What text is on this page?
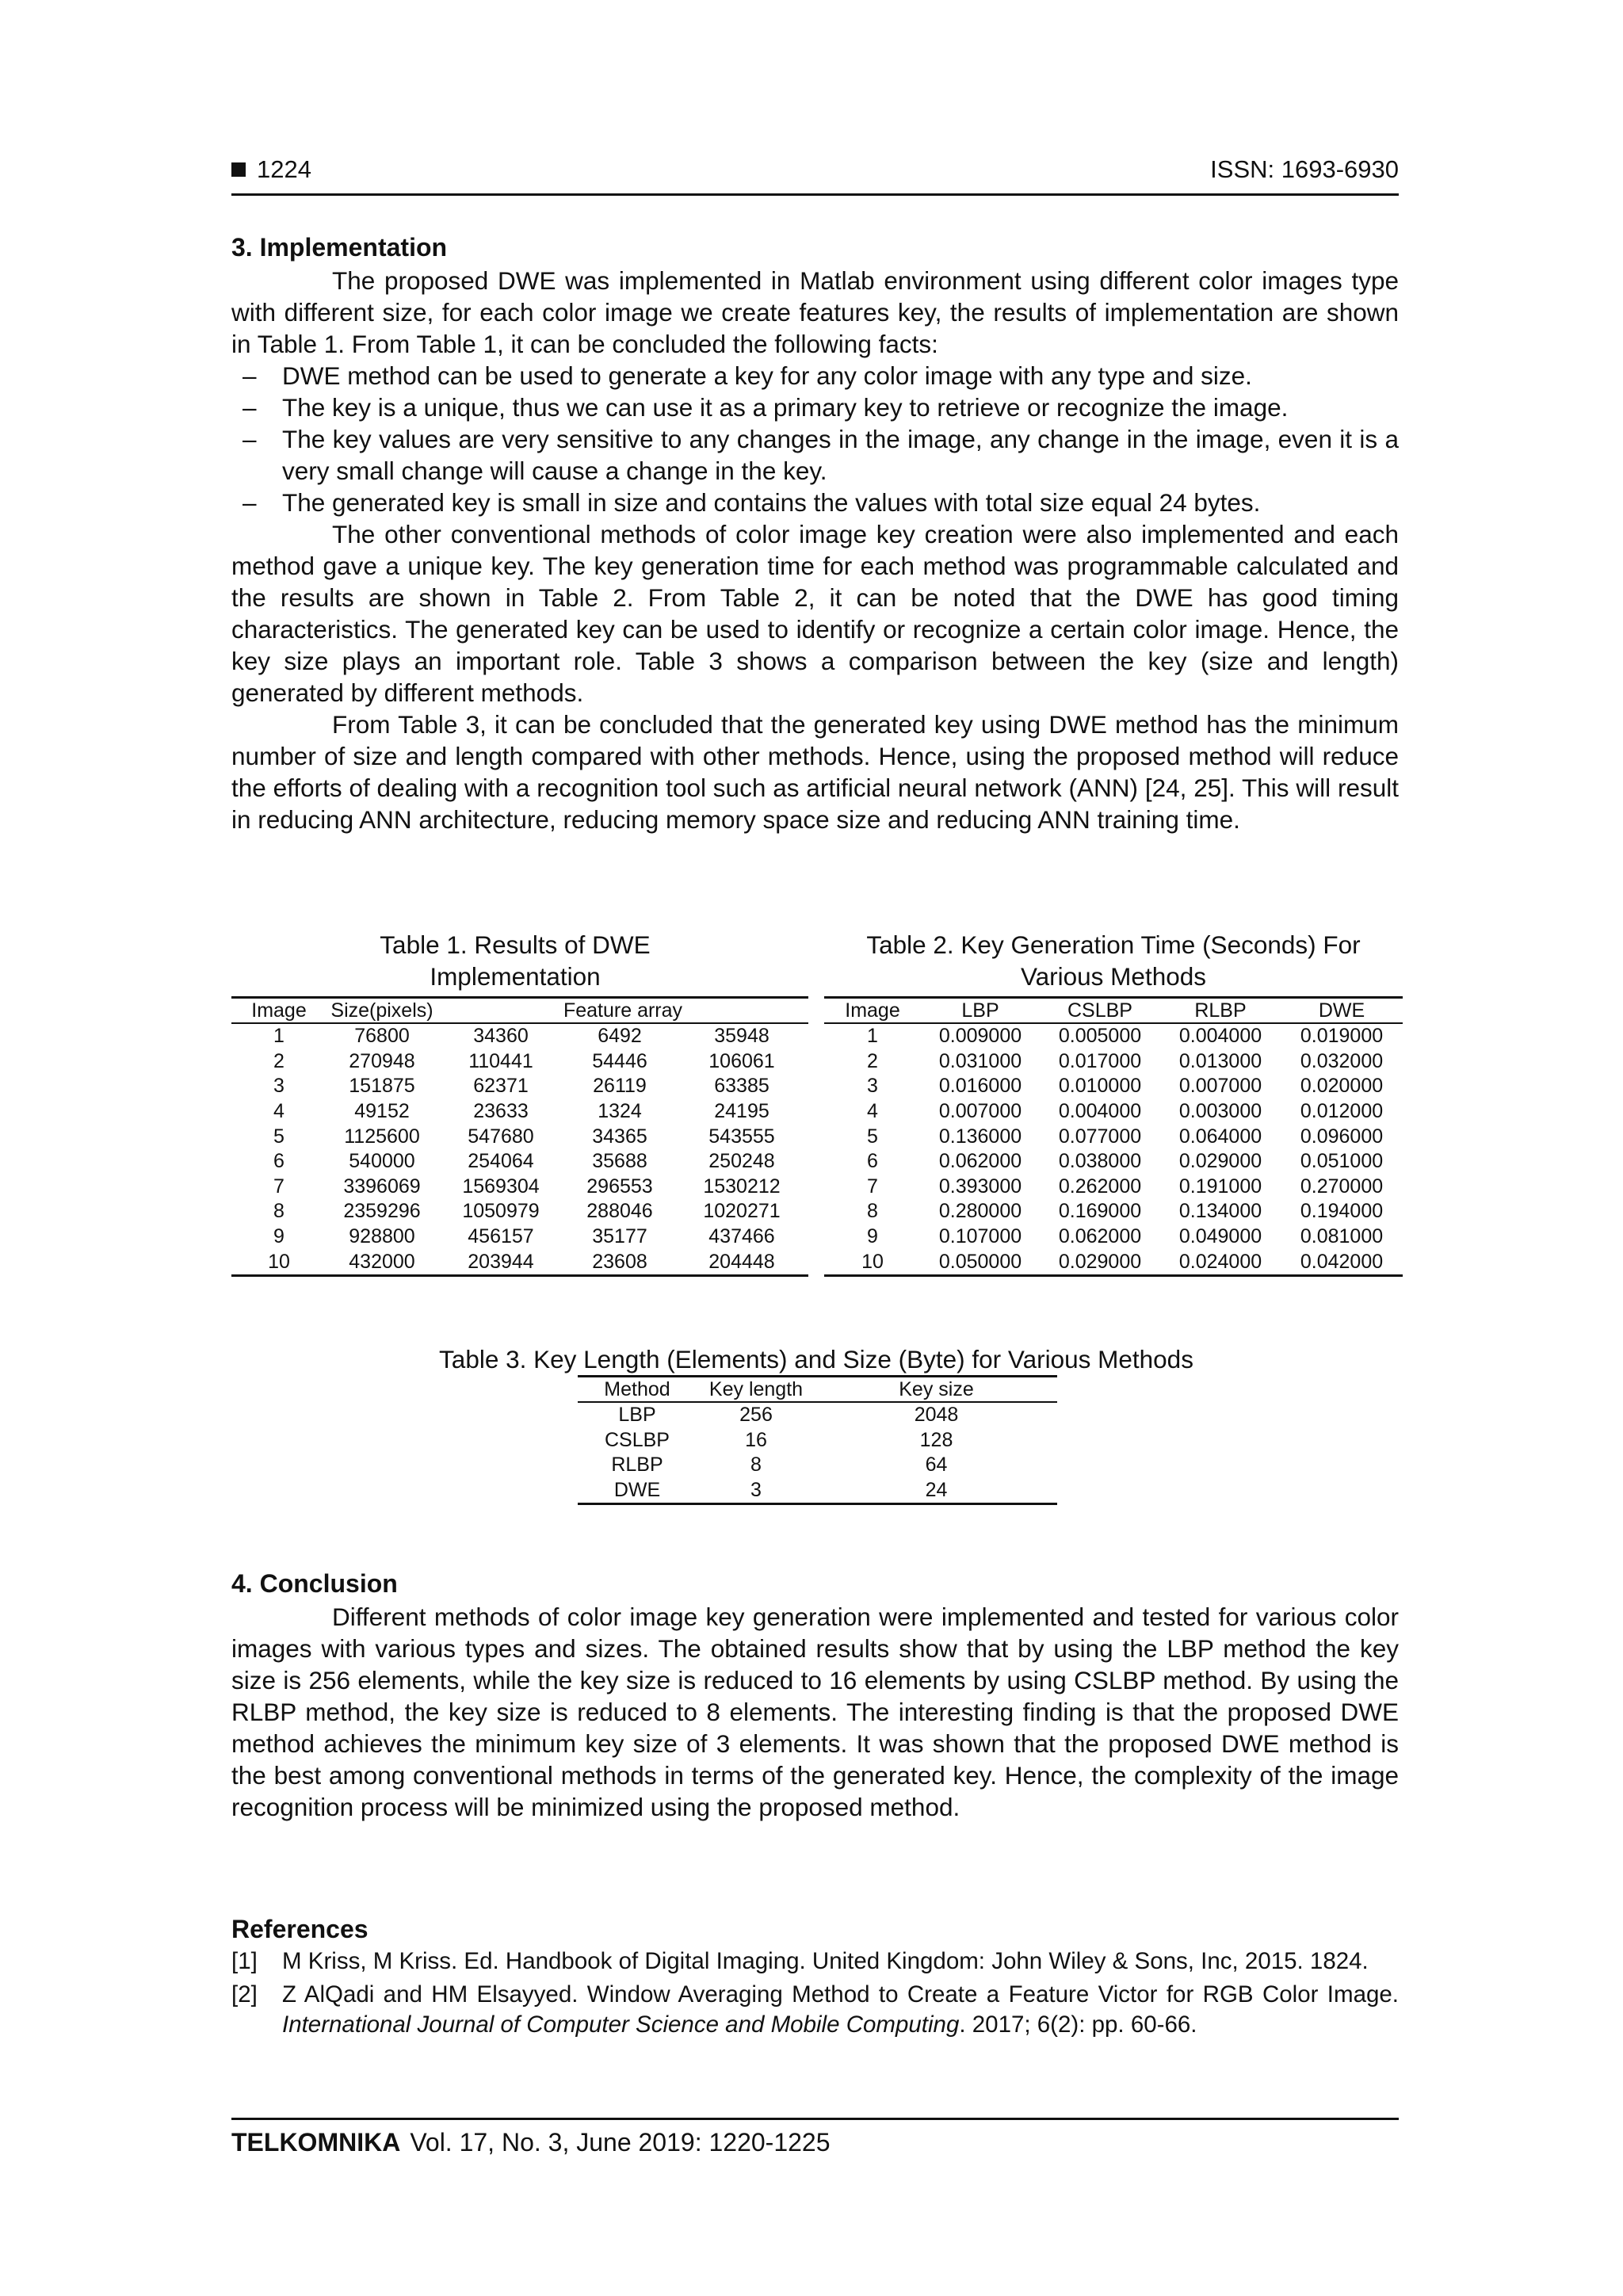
1224	ISSN: 1693-6930
3. Implementation

The proposed DWE was implemented in Matlab environment using different color images type with different size, for each color image we create features key, the results of implementation are shown in Table 1. From Table 1, it can be concluded the following facts:

– DWE method can be used to generate a key for any color image with any type and size.
– The key is a unique, thus we can use it as a primary key to retrieve or recognize the image.
– The key values are very sensitive to any changes in the image, any change in the image, even it is a very small change will cause a change in the key.
– The generated key is small in size and contains the values with total size equal 24 bytes.

The other conventional methods of color image key creation were also implemented and each method gave a unique key. The key generation time for each method was programmable calculated and the results are shown in Table 2. From Table 2, it can be noted that the DWE has good timing characteristics. The generated key can be used to identify or recognize a certain color image. Hence, the key size plays an important role. Table 3 shows a comparison between the key (size and length) generated by different methods.

From Table 3, it can be concluded that the generated key using DWE method has the minimum number of size and length compared with other methods. Hence, using the proposed method will reduce the efforts of dealing with a recognition tool such as artificial neural network (ANN) [24, 25]. This will result in reducing ANN architecture, reducing memory space size and reducing ANN training time.

Table 1. Results of DWE Implementation
Image	Size(pixels)	Feature array		
1	76800	34360	6492	35948
2	270948	110441	54446	106061
3	151875	62371	26119	63385
4	49152	23633	1324	24195
5	1125600	547680	34365	543555
6	540000	254064	35688	250248
7	3396069	1569304	296553	1530212
8	2359296	1050979	288046	1020271
9	928800	456157	35177	437466
10	432000	203944	23608	204448
Table 2. Key Generation Time (Seconds) For Various Methods
Image	LBP	CSLBP	RLBP	DWE
1	0.009000	0.005000	0.004000	0.019000
2	0.031000	0.017000	0.013000	0.032000
3	0.016000	0.010000	0.007000	0.020000
4	0.007000	0.004000	0.003000	0.012000
5	0.136000	0.077000	0.064000	0.096000
6	0.062000	0.038000	0.029000	0.051000
7	0.393000	0.262000	0.191000	0.270000
8	0.280000	0.169000	0.134000	0.194000
9	0.107000	0.062000	0.049000	0.081000
10	0.050000	0.029000	0.024000	0.042000
Table 3. Key Length (Elements) and Size (Byte) for Various Methods
Method	Key length	Key size
LBP	256	2048
CSLBP	16	128
RLBP	8	64
DWE	3	24
4. Conclusion

Different methods of color image key generation were implemented and tested for various color images with various types and sizes. The obtained results show that by using the LBP method the key size is 256 elements, while the key size is reduced to 16 elements by using CSLBP method. By using the RLBP method, the key size is reduced to 8 elements. The interesting finding is that the proposed DWE method achieves the minimum key size of 3 elements. It was shown that the proposed DWE method is the best among conventional methods in terms of the generated key. Hence, the complexity of the image recognition process will be minimized using the proposed method.

References
[1] M Kriss, M Kriss. Ed. Handbook of Digital Imaging. United Kingdom: John Wiley & Sons, Inc, 2015. 1824.
[2] Z AlQadi and HM Elsayyed. Window Averaging Method to Create a Feature Victor for RGB Color Image. International Journal of Computer Science and Mobile Computing. 2017; 6(2): pp. 60-66.
TELKOMNIKA Vol. 17, No. 3, June 2019: 1220-1225
